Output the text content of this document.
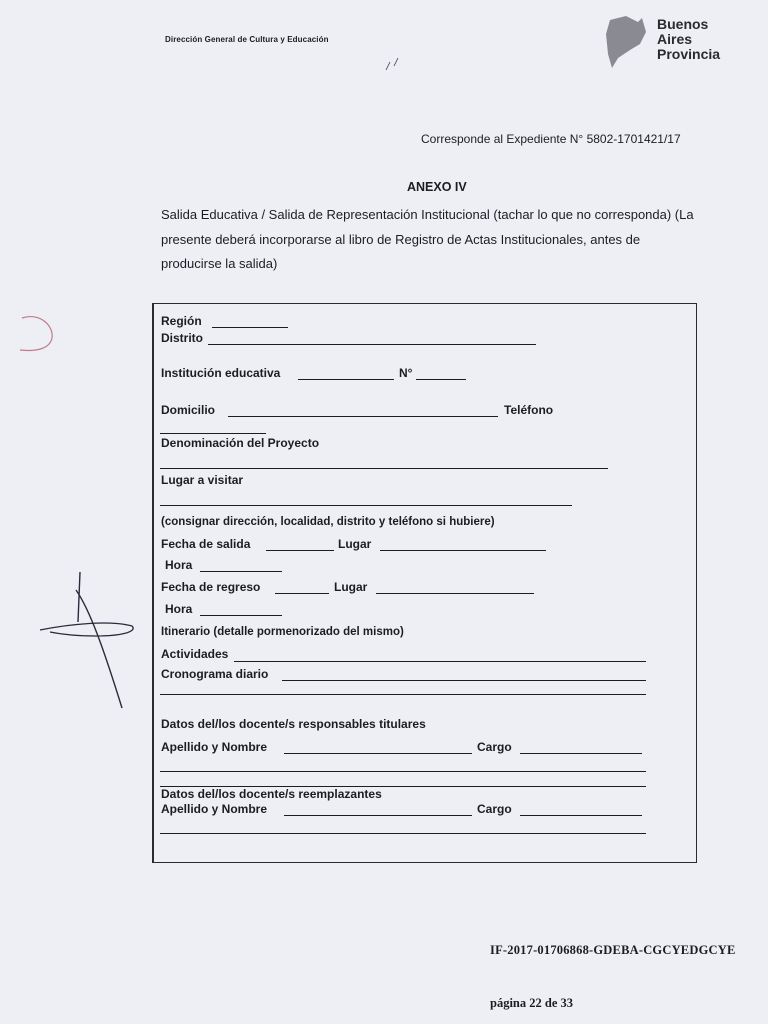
Dirección General de Cultura y Educación
Buenos
Aires
Provincia
Corresponde al Expediente N° 5802-1701421/17
ANEXO IV
Salida Educativa / Salida de Representación Institucional (tachar lo que no corresponda) (La presente deberá incorporarse al libro de Registro de Actas Institucionales, antes de producirse la salida)
Región
Distrito
Institución educativa	N°
Domicilio	Teléfono
Denominación del Proyecto
Lugar a visitar
(consignar dirección, localidad, distrito y teléfono si hubiere)
Fecha de salida	Lugar
Hora
Fecha de regreso	Lugar
Hora
Itinerario (detalle pormenorizado del mismo)
Actividades
Cronograma diario
Datos del/los docente/s responsables titulares
Apellido y Nombre	Cargo
Datos del/los docente/s reemplazantes
Apellido y Nombre	Cargo
IF-2017-01706868-GDEBA-CGCYEDGCYE
página 22 de 33
